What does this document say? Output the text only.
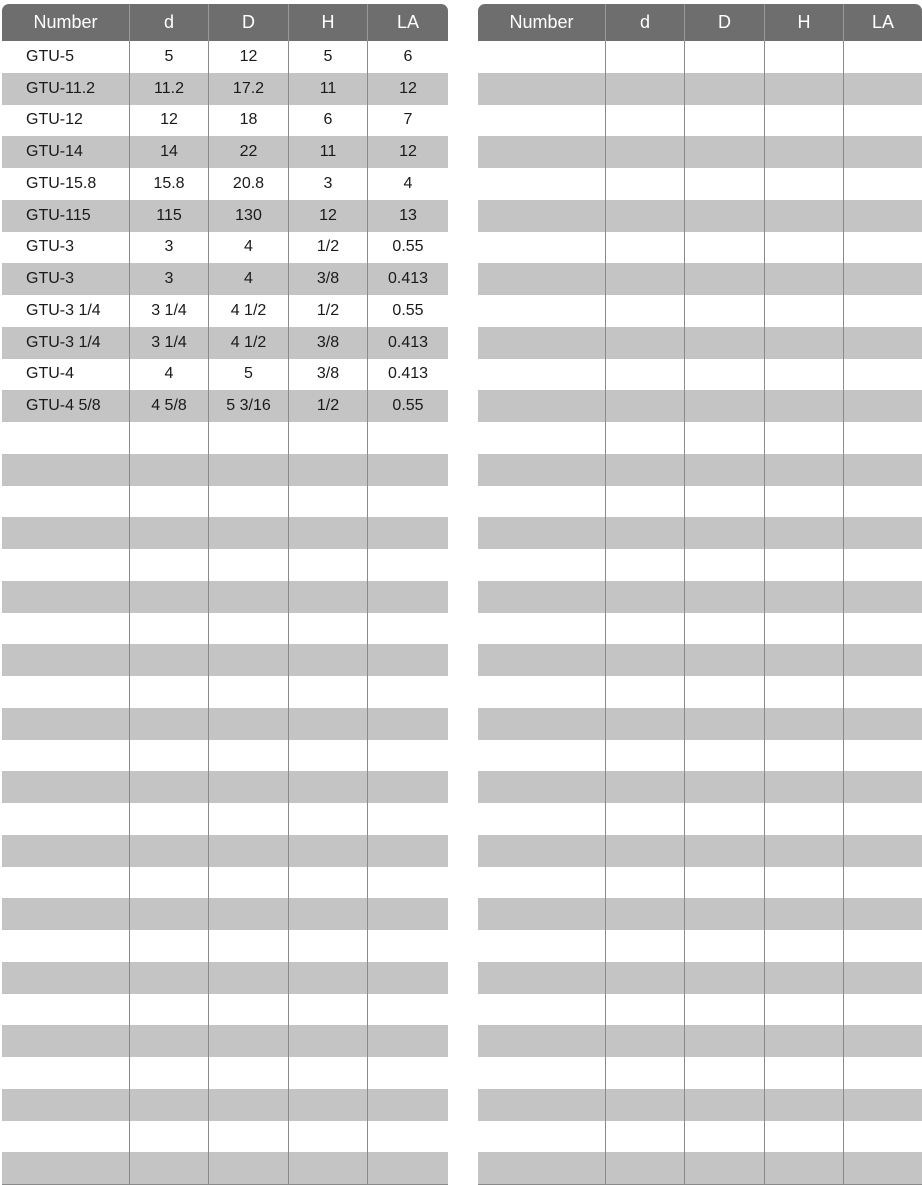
Number	d	D	H	LA
GTU-5	5	12	5	6
GTU-11.2	11.2	17.2	11	12
GTU-12	12	18	6	7
GTU-14	14	22	11	12
GTU-15.8	15.8	20.8	3	4
GTU-115	115	130	12	13
GTU-3	3	4	1/2	0.55
GTU-3	3	4	3/8	0.413
GTU-3 1/4	3 1/4	4 1/2	1/2	0.55
GTU-3 1/4	3 1/4	4 1/2	3/8	0.413
GTU-4	4	5	3/8	0.413
GTU-4 5/8	4 5/8	5 3/16	1/2	0.55
Number	d	D	H	LA
